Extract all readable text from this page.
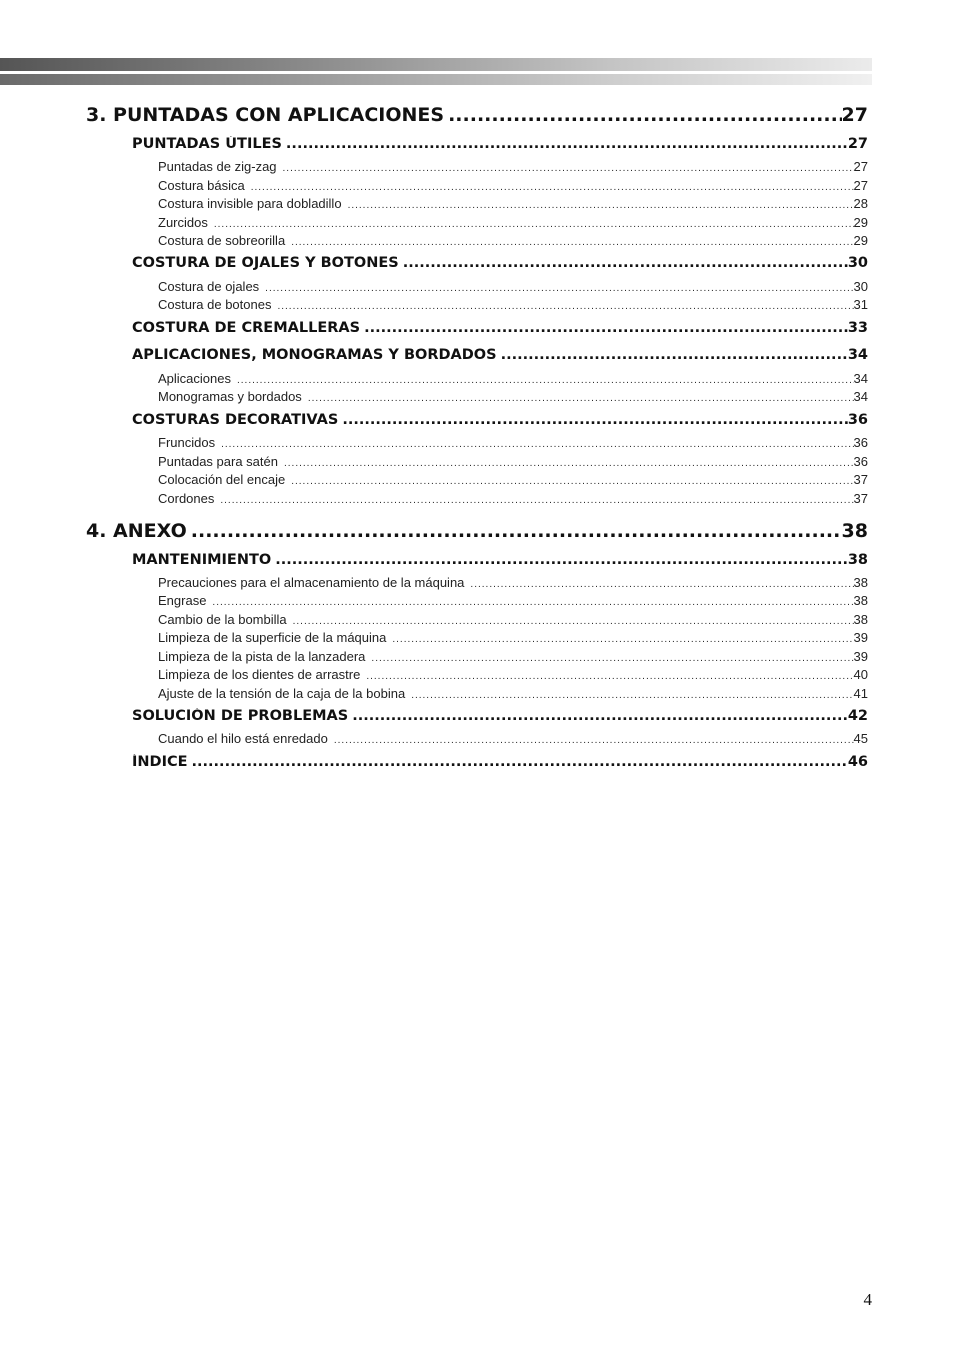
3. PUNTADAS CON APLICACIONES .....	27
PUNTADAS ÚTILES .....	27
Puntadas de zig-zag .....	27
Costura básica .....	27
Costura invisible para dobladillo .....	28
Zurcidos .....	29
Costura de sobreorilla .....	29
COSTURA DE OJALES Y BOTONES .....	30
Costura de ojales .....	30
Costura de botones .....	31
COSTURA DE CREMALLERAS .....	33
APLICACIONES, MONOGRAMAS Y BORDADOS .....	34
Aplicaciones .....	34
Monogramas y bordados .....	34
COSTURAS DECORATIVAS .....	36
Fruncidos .....	36
Puntadas para satén .....	36
Colocación del encaje .....	37
Cordones .....	37
4. ANEXO .....	38
MANTENIMIENTO .....	38
Precauciones para el almacenamiento de la máquina .....	38
Engrase .....	38
Cambio de la bombilla .....	38
Limpieza de la superficie de la máquina .....	39
Limpieza de la pista de la lanzadera .....	39
Limpieza de los dientes de arrastre .....	40
Ajuste de la tensión de la caja de la bobina .....	41
SOLUCIÓN DE PROBLEMAS .....	42
Cuando el hilo está enredado .....	45
ÍNDICE .....	46
4
